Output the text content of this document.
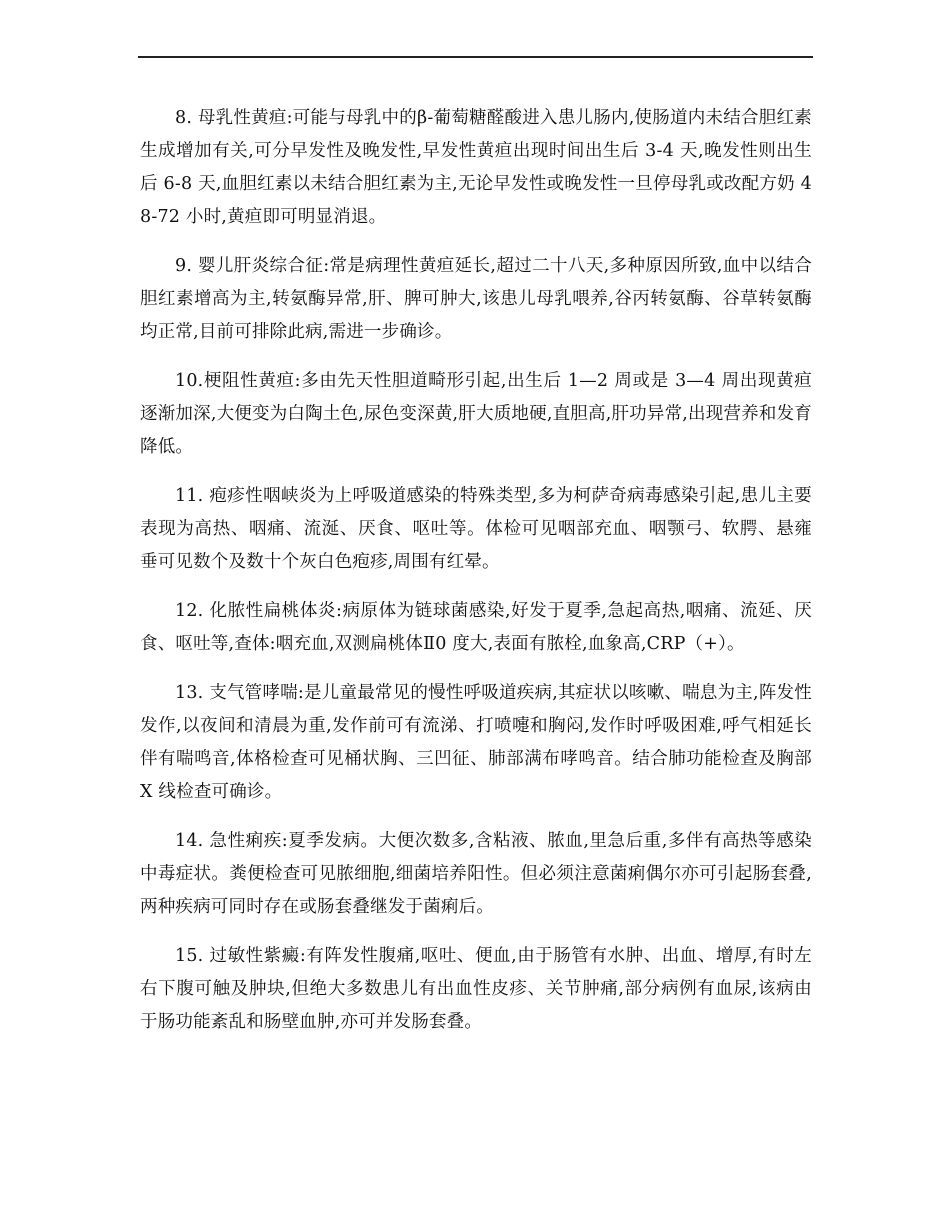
8. 母乳性黄疸:可能与母乳中的β-葡萄糖醛酸进入患儿肠内,使肠道内未结合胆红素生成增加有关,可分早发性及晚发性,早发性黄疸出现时间出生后 3-4 天,晚发性则出生后 6-8 天,血胆红素以未结合胆红素为主,无论早发性或晚发性一旦停母乳或改配方奶 48-72 小时,黄疸即可明显消退。

9. 婴儿肝炎综合征:常是病理性黄疸延长,超过二十八天,多种原因所致,血中以结合胆红素增高为主,转氨酶异常,肝、脾可肿大,该患儿母乳喂养,谷丙转氨酶、谷草转氨酶均正常,目前可排除此病,需进一步确诊。

10.梗阻性黄疸:多由先天性胆道畸形引起,出生后 1—2 周或是 3—4 周出现黄疸逐渐加深,大便变为白陶土色,尿色变深黄,肝大质地硬,直胆高,肝功异常,出现营养和发育降低。

11. 疱疹性咽峡炎为上呼吸道感染的特殊类型,多为柯萨奇病毒感染引起,患儿主要表现为高热、咽痛、流涎、厌食、呕吐等。体检可见咽部充血、咽颚弓、软腭、悬雍垂可见数个及数十个灰白色疱疹,周围有红晕。

12. 化脓性扁桃体炎:病原体为链球菌感染,好发于夏季,急起高热,咽痛、流延、厌食、呕吐等,查体:咽充血,双测扁桃体Ⅱ0 度大,表面有脓栓,血象高,CRP（+）。

13. 支气管哮喘:是儿童最常见的慢性呼吸道疾病,其症状以咳嗽、喘息为主,阵发性发作,以夜间和清晨为重,发作前可有流涕、打喷嚏和胸闷,发作时呼吸困难,呼气相延长伴有喘鸣音,体格检查可见桶状胸、三凹征、肺部满布哮鸣音。结合肺功能检查及胸部 X 线检查可确诊。

14. 急性痢疾:夏季发病。大便次数多,含粘液、脓血,里急后重,多伴有高热等感染中毒症状。粪便检查可见脓细胞,细菌培养阳性。但必须注意菌痢偶尔亦可引起肠套叠,两种疾病可同时存在或肠套叠继发于菌痢后。

15. 过敏性紫癜:有阵发性腹痛,呕吐、便血,由于肠管有水肿、出血、增厚,有时左右下腹可触及肿块,但绝大多数患儿有出血性皮疹、关节肿痛,部分病例有血尿,该病由于肠功能紊乱和肠壁血肿,亦可并发肠套叠。
